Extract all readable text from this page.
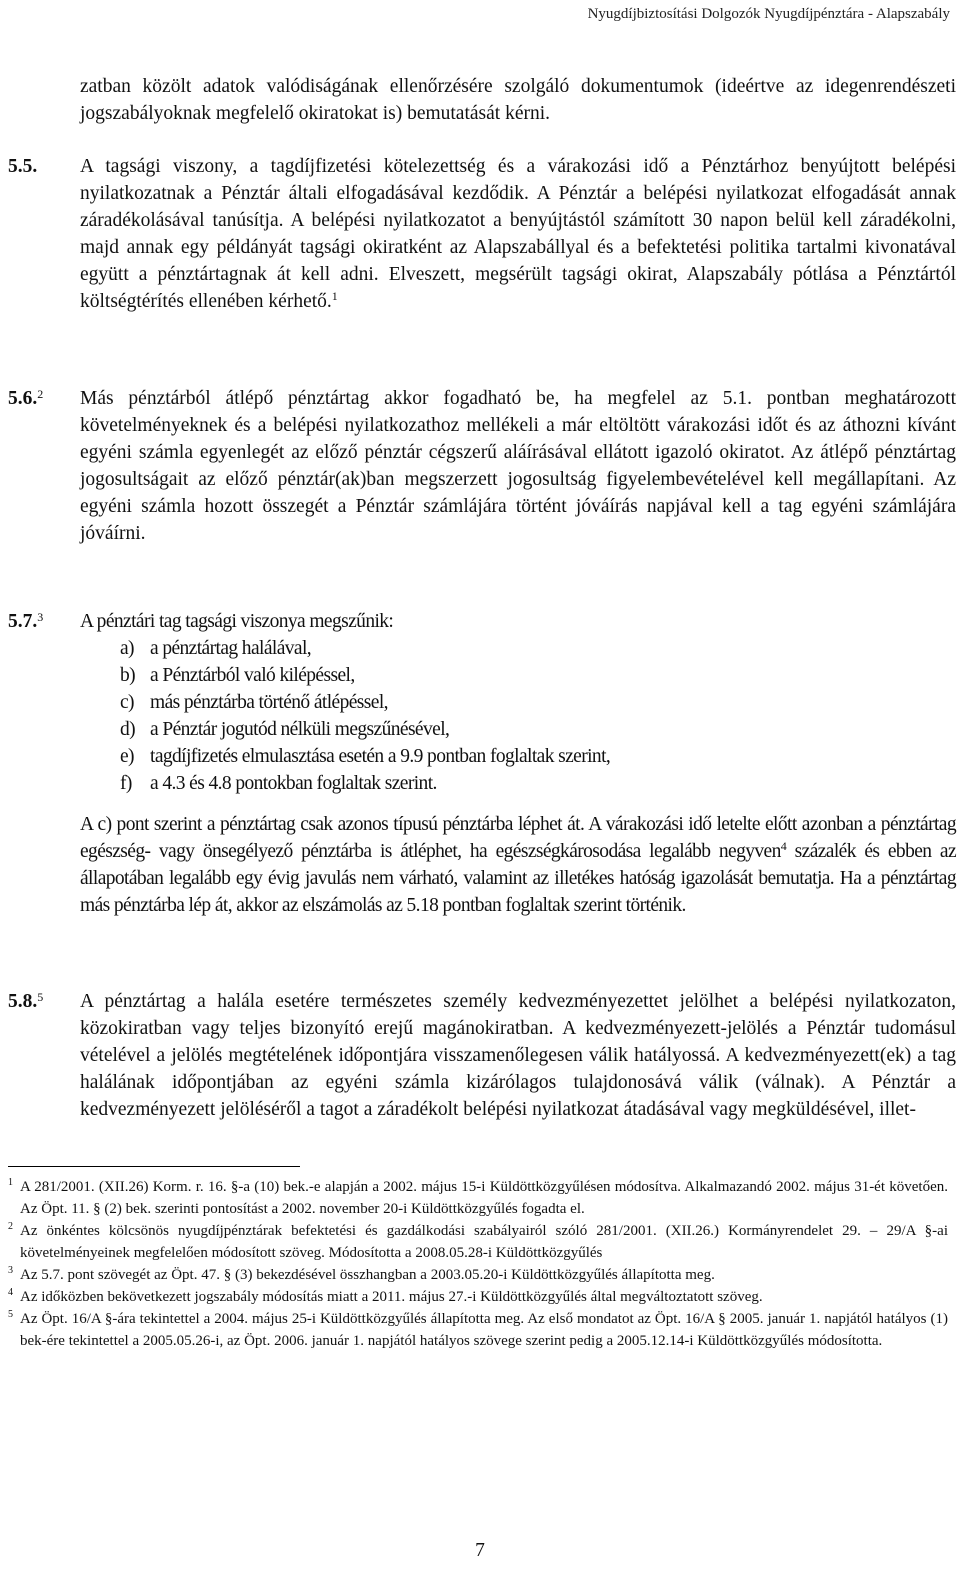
Nyugdíjbiztosítási Dolgozók Nyugdíjpénztára - Alapszabály

zatban közölt adatok valódiságának ellenőrzésére szolgáló dokumentumok (ideértve az idegenrendészeti jogszabályoknak megfelelő okiratokat is) bemutatását kérni.

5.5. A tagsági viszony, a tagdíjfizetési kötelezettség és a várakozási idő a Pénztárhoz benyújtott belépési nyilatkozatnak a Pénztár általi elfogadásával kezdődik. A Pénztár a belépési nyilatkozat elfogadását annak záradékolásával tanúsítja. A belépési nyilatkozatot a benyújtástól számított 30 napon belül kell záradékolni, majd annak egy példányát tagsági okiratként az Alapszabállyal és a befektetési politika tartalmi kivonatával együtt a pénztártagnak át kell adni. Elveszett, megsérült tagsági okirat, Alapszabály pótlása a Pénztártól költségtérítés ellenében kérhető.$^1$

5.6.$^2$ Más pénztárból átlépő pénztártag akkor fogadható be, ha megfelel az 5.1. pontban meghatározott követelményeknek és a belépési nyilatkozathoz mellékeli a már eltöltött várakozási időt és az áthozni kívánt egyéni számla egyenlegét az előző pénztár cégszerű aláírásával ellátott igazoló okiratot. Az átlépő pénztártag jogosultságait az előző pénztár(ak)ban megszerzett jogosultság figyelembevételével kell megállapítani. Az egyéni számla hozott összegét a Pénztár számlájára történt jóváírás napjával kell a tag egyéni számlájára jóváírni.

5.7.$^3$ A pénztári tag tagsági viszonya megszűnik:

a) a pénztártag halálával,
b) a Pénztárból való kilépéssel,
c) más pénztárba történő átlépéssel,
d) a Pénztár jogutód nélküli megszűnésével,
e) tagdíjfizetés elmulasztása esetén a 9.9 pontban foglaltak szerint,
f) a 4.3 és 4.8 pontokban foglaltak szerint.

A c) pont szerint a pénztártag csak azonos típusú pénztárba léphet át. A várakozási idő letelte előtt azonban a pénztártag egészség- vagy önsegélyező pénztárba is átléphet, ha egészségkárosodása legalább negyven$^4$ százalék és ebben az állapotában legalább egy évig javulás nem várható, valamint az illetékes hatóság igazolását bemutatja. Ha a pénztártag más pénztárba lép át, akkor az elszámolás az 5.18 pontban foglaltak szerint történik.

5.8.$^5$ A pénztártag a halála esetére természetes személy kedvezményezettet jelölhet a belépési nyilatkozaton, közokiratban vagy teljes bizonyító erejű magánokiratban. A kedvezményezett-jelölés a Pénztár tudomásul vételével a jelölés megtételének időpontjára visszamenőlegesen válik hatályossá. A kedvezményezett(ek) a tag halálának időpontjában az egyéni számla kizárólagos tulajdonosává válik (válnak). A Pénztár a kedvezményezett jelöléséről a tagot a záradékolt belépési nyilatkozat átadásával vagy megküldésével, illet-

1 A 281/2001. (XII.26) Korm. r. 16. §-a (10) bek.-e alapján a 2002. május 15-i Küldöttközgyűlésen módosítva. Alkalmazandó 2002. május 31-ét követően. Az Öpt. 11. § (2) bek. szerinti pontosítást a 2002. november 20-i Küldöttközgyűlés fogadta el.
2 Az önkéntes kölcsönös nyugdíjpénztárak befektetési és gazdálkodási szabályairól szóló 281/2001. (XII.26.) Kormányrendelet 29. – 29/A §-ai követelményeinek megfelelően módosított szöveg. Módosította a 2008.05.28-i Küldöttközgyűlés
3 Az 5.7. pont szövegét az Öpt. 47. § (3) bekezdésével összhangban a 2003.05.20-i Küldöttközgyűlés állapította meg.
4 Az időközben bekövetkezett jogszabály módosítás miatt a 2011. május 27.-i Küldöttközgyűlés által megváltoztatott szöveg.
5 Az Öpt. 16/A §-ára tekintettel a 2004. május 25-i Küldöttközgyűlés állapította meg. Az első mondatot az Öpt. 16/A § 2005. január 1. napjától hatályos (1) bek-ére tekintettel a 2005.05.26-i, az Öpt. 2006. január 1. napjától hatályos szövege szerint pedig a 2005.12.14-i Küldöttközgyűlés módosította.
7
